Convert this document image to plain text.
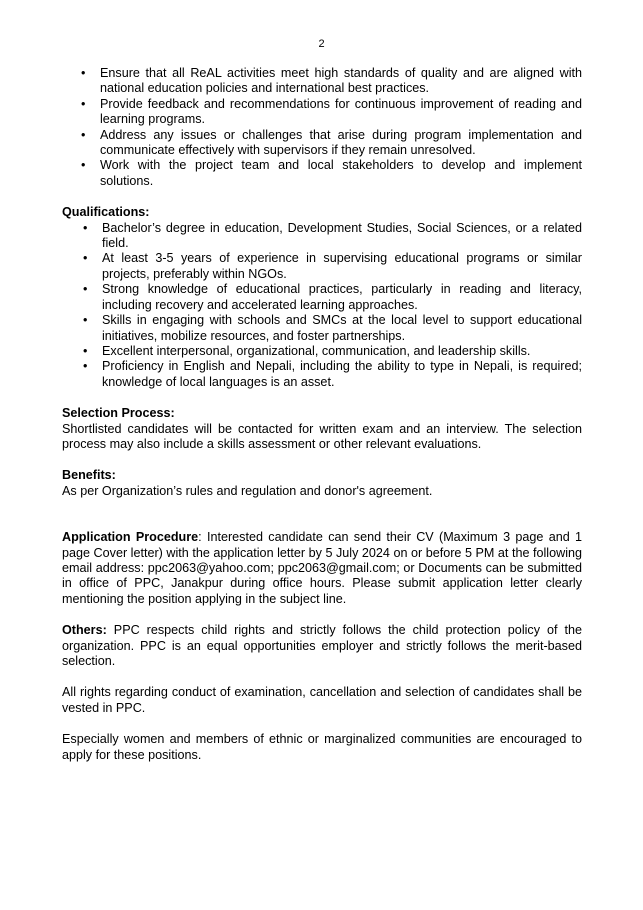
2
• Ensure that all ReAL activities meet high standards of quality and are aligned with national education policies and international best practices.
• Provide feedback and recommendations for continuous improvement of reading and learning programs.
• Address any issues or challenges that arise during program implementation and communicate effectively with supervisors if they remain unresolved.
• Work with the project team and local stakeholders to develop and implement solutions.
Qualifications:
• Bachelor’s degree in education, Development Studies, Social Sciences, or a related field.
• At least 3-5 years of experience in supervising educational programs or similar projects, preferably within NGOs.
• Strong knowledge of educational practices, particularly in reading and literacy, including recovery and accelerated learning approaches.
• Skills in engaging with schools and SMCs at the local level to support educational initiatives, mobilize resources, and foster partnerships.
• Excellent interpersonal, organizational, communication, and leadership skills.
• Proficiency in English and Nepali, including the ability to type in Nepali, is required; knowledge of local languages is an asset.
Selection Process:

Shortlisted candidates will be contacted for written exam and an interview. The selection process may also include a skills assessment or other relevant evaluations.

Benefits:

As per Organization’s rules and regulation and donor's agreement.

Application Procedure: Interested candidate can send their CV (Maximum 3 page and 1 page Cover letter) with the application letter by 5 July 2024 on or before 5 PM at the following email address: ppc2063@yahoo.com; ppc2063@gmail.com; or Documents can be submitted in office of PPC, Janakpur during office hours. Please submit application letter clearly mentioning the position applying in the subject line.

Others: PPC respects child rights and strictly follows the child protection policy of the organization. PPC is an equal opportunities employer and strictly follows the merit-based selection.

All rights regarding conduct of examination, cancellation and selection of candidates shall be vested in PPC.

Especially women and members of ethnic or marginalized communities are encouraged to apply for these positions.
